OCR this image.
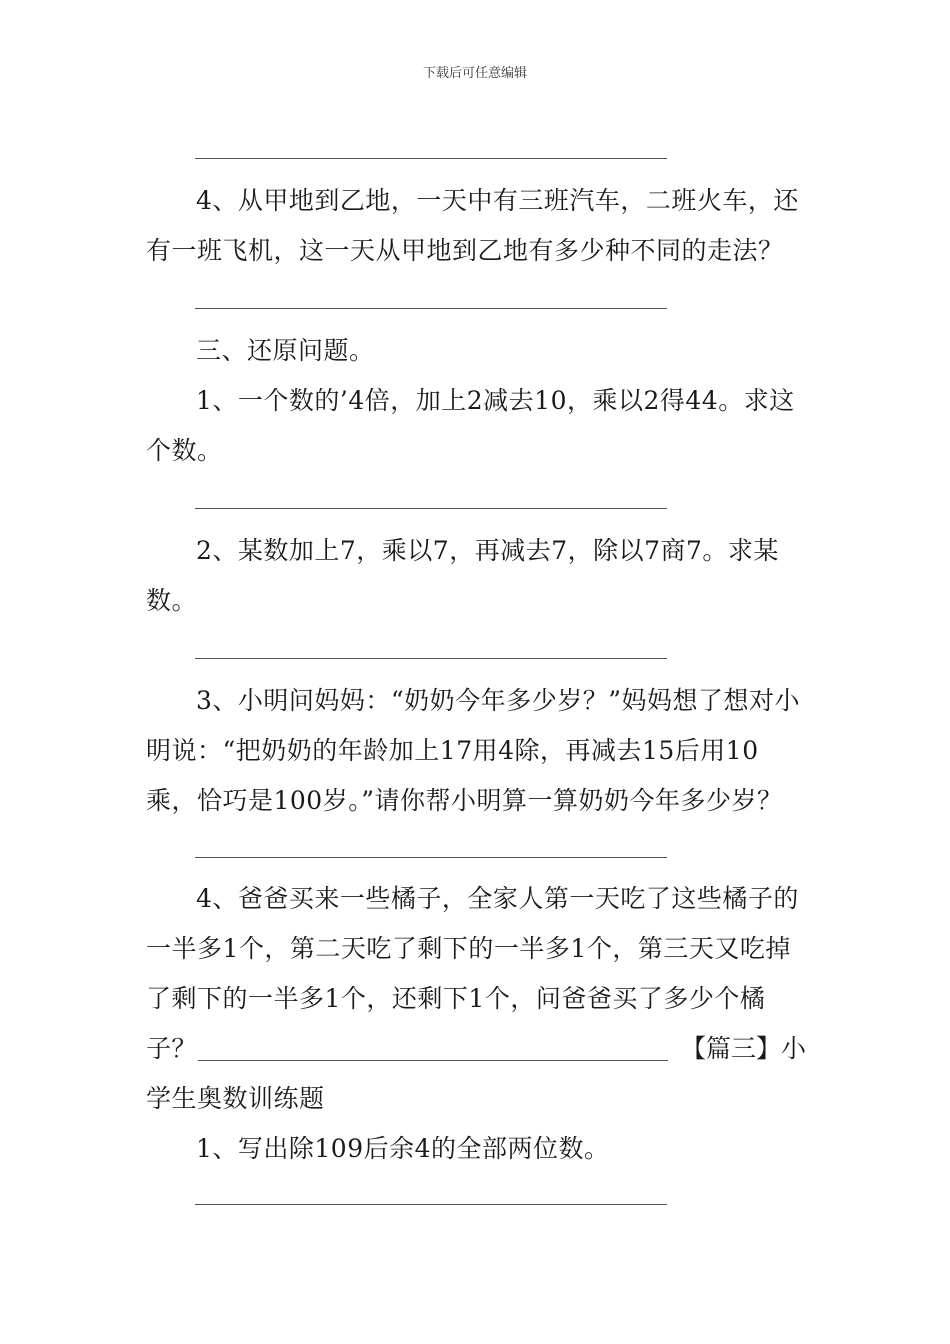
下载后可任意编辑
4、从甲地到乙地，一天中有三班汽车，二班火车，还有一班飞机，这一天从甲地到乙地有多少种不同的走法？
三、还原问题。
1、一个数的’4倍，加上2减去10，乘以2得44。求这个数。
2、某数加上7，乘以7，再减去7，除以7商7。求某数。
3、小明问妈妈：“奶奶今年多少岁？”妈妈想了想对小明说：“把奶奶的年龄加上17用4除，再减去15后用10乘，恰巧是100岁。”请你帮小明算一算奶奶今年多少岁？
4、爸爸买来一些橘子，全家人第一天吃了这些橘子的一半多1个，第二天吃了剩下的一半多1个，第三天又吃掉了剩下的一半多1个，还剩下1个，问爸爸买了多少个橘子？	【篇三】小
学生奥数训练题
1、写出除109后余4的全部两位数。
